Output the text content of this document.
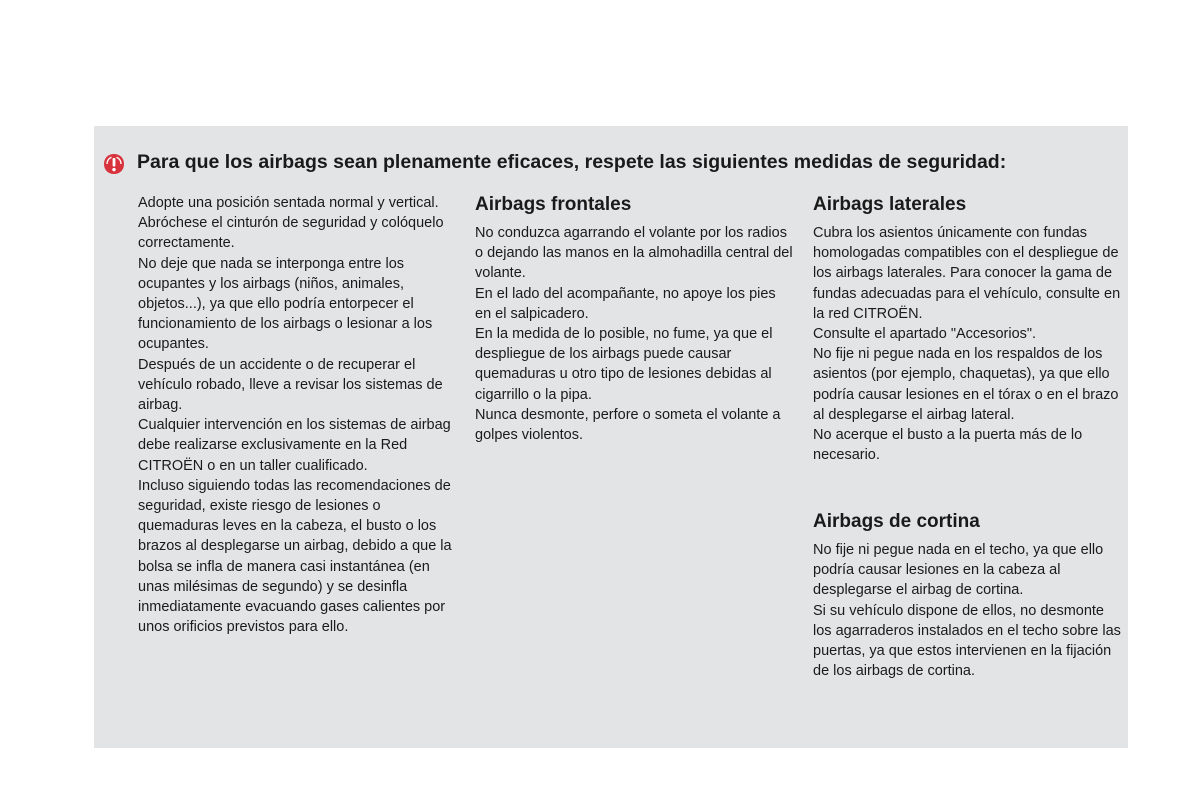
Para que los airbags sean plenamente eficaces, respete las siguientes medidas de seguridad:

Adopte una posición sentada normal y vertical.

Abróchese el cinturón de seguridad y colóquelo correctamente.

No deje que nada se interponga entre los ocupantes y los airbags (niños, animales, objetos...), ya que ello podría entorpecer el funcionamiento de los airbags o lesionar a los ocupantes.

Después de un accidente o de recuperar el vehículo robado, lleve a revisar los sistemas de airbag.

Cualquier intervención en los sistemas de airbag debe realizarse exclusivamente en la Red CITROËN o en un taller cualificado.

Incluso siguiendo todas las recomendaciones de seguridad, existe riesgo de lesiones o quemaduras leves en la cabeza, el busto o los brazos al desplegarse un airbag, debido a que la bolsa se infla de manera casi instantánea (en unas milésimas de segundo) y se desinfla inmediatamente evacuando gases calientes por unos orificios previstos para ello.

Airbags frontales

No conduzca agarrando el volante por los radios o dejando las manos en la almohadilla central del volante.

En el lado del acompañante, no apoye los pies en el salpicadero.

En la medida de lo posible, no fume, ya que el despliegue de los airbags puede causar quemaduras u otro tipo de lesiones debidas al cigarrillo o la pipa.

Nunca desmonte, perfore o someta el volante a golpes violentos.

Airbags laterales

Cubra los asientos únicamente con fundas homologadas compatibles con el despliegue de los airbags laterales. Para conocer la gama de fundas adecuadas para el vehículo, consulte en la red CITROËN.

Consulte el apartado "Accesorios".

No fije ni pegue nada en los respaldos de los asientos (por ejemplo, chaquetas), ya que ello podría causar lesiones en el tórax o en el brazo al desplegarse el airbag lateral.

No acerque el busto a la puerta más de lo necesario.

Airbags de cortina

No fije ni pegue nada en el techo, ya que ello podría causar lesiones en la cabeza al desplegarse el airbag de cortina.

Si su vehículo dispone de ellos, no desmonte los agarraderos instalados en el techo sobre las puertas, ya que estos intervienen en la fijación de los airbags de cortina.
